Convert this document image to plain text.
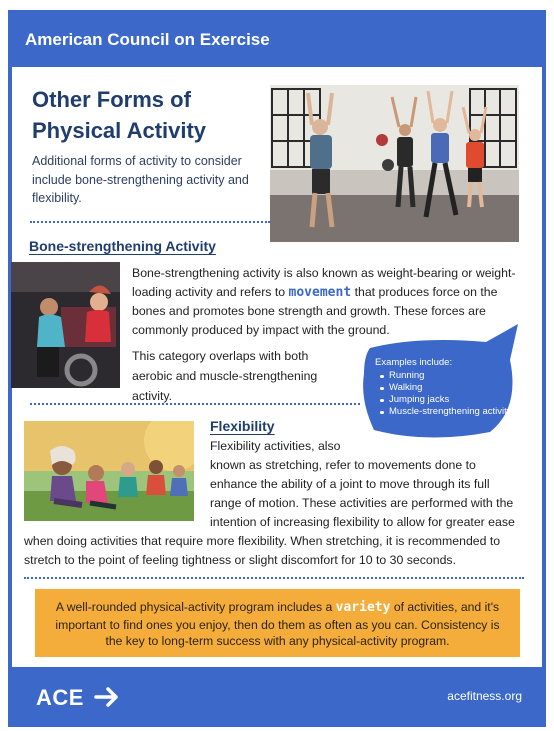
American Council on Exercise
Other Forms of
Physical Activity
Additional forms of activity to consider include bone-strengthening activity and flexibility.
Bone-strengthening Activity
Bone-strengthening activity is also known as weight-bearing or weight-loading activity and refers to movement that produces force on the bones and promotes bone strength and growth. These forces are commonly produced by impact with the ground.
This category overlaps with both aerobic and muscle-strengthening activity.
Examples include:
Running
Walking
Jumping jacks
Muscle-strengthening activity
Flexibility
Flexibility activities, also
known as stretching, refer to movements done to
enhance the ability of a joint to move through its full
range of motion. These activities are performed with the
intention of increasing flexibility to allow for greater ease
when doing activities that require more flexibility. When stretching, it is recommended to
stretch to the point of feeling tightness or slight discomfort for 10 to 30 seconds.
A well-rounded physical-activity program includes a variety of activities, and it's important to find ones you enjoy, then do them as often as you can. Consistency is the key to long-term success with any physical-activity program.
ACE	acefitness.org
